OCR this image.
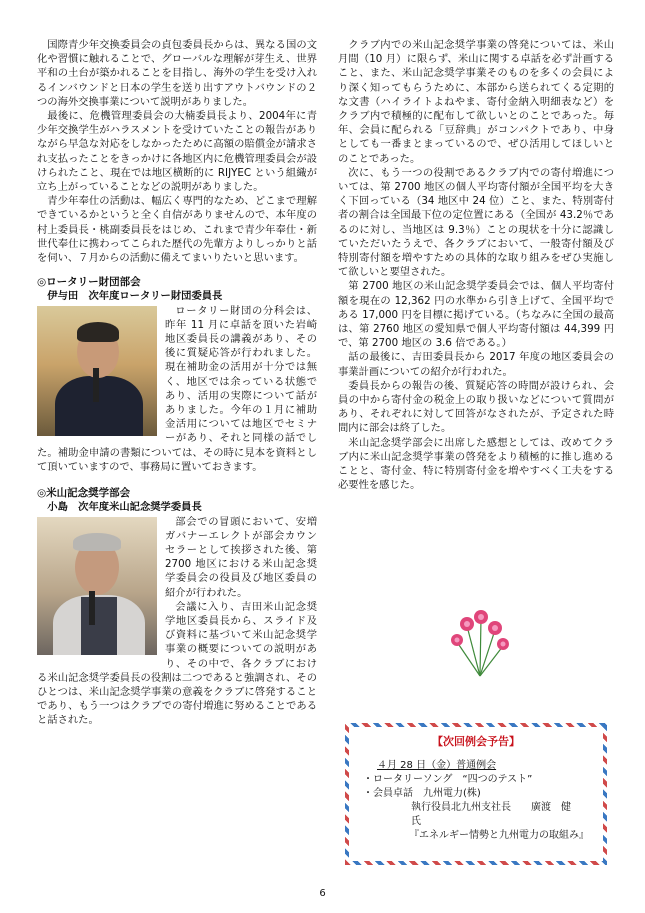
国際青少年交換委員会の貞包委員長からは、異なる国の文化や習慣に触れることで、グローバルな理解が芽生え、世界平和の土台が築かれることを目指し、海外の学生を受け入れるインバウンドと日本の学生を送り出すアウトバウンドの２つの海外交換事業について説明がありました。

最後に、危機管理委員会の大楠委員長より、2004年に青少年交換学生がハラスメントを受けていたことの報告がありながら早急な対応をしなかったために高額の賠償金が請求され支払ったことをきっかけに各地区内に危機管理委員会が設けられたこと、現在では地区横断的に RIJYEC という組織が立ち上がっていることなどの説明がありました。

青少年奉仕の活動は、幅広く専門的なため、どこまで理解できているかというと全く自信がありませんので、本年度の村上委員長・桃副委員長をはじめ、これまで青少年奉仕・新世代奉仕に携わってこられた歴代の先輩方よりしっかりと話を伺い、７月からの活動に備えてまいりたいと思います。

◎ロータリー財団部会

伊与田　次年度ロータリー財団委員長

ロータリー財団の分科会は、昨年 11 月に卓話を頂いた岩崎地区委員長の講義があり、その後に質疑応答が行われました。現在補助金の活用が十分では無く、地区では余っている状態であり、活用の実際について話がありました。今年の１月に補助金活用については地区でセミナーがあり、それと同様の話でした。補助金申請の書類については、その時に見本を資料として頂いていますので、事務局に置いておきます。

◎米山記念奨学部会

小島　次年度米山記念奨学委員長

部会での冒頭において、安増ガバナーエレクトが部会カウンセラーとして挨拶された後、第 2700 地区における米山記念奨学委員会の役員及び地区委員の紹介が行われた。

会議に入り、吉田米山記念奨学地区委員長から、スライド及び資料に基づいて米山記念奨学事業の概要についての説明があり、その中で、各クラブにおける米山記念奨学委員長の役割は二つであると強調され、そのひとつは、米山記念奨学事業の意義をクラブに啓発することであり、もう一つはクラブでの寄付増進に努めることであると話された。

クラブ内での米山記念奨学事業の啓発については、米山月間（10 月）に限らず、米山に関する卓話を必ず計画すること、また、米山記念奨学事業そのものを多くの会員により深く知ってもらうために、本部から送られてくる定期的な文書（ハイライトよねやま、寄付金納入明細表など）をクラブ内で積極的に配布して欲しいとのことであった。毎年、会員に配られる「豆辞典」がコンパクトであり、中身としても一番まとまっているので、ぜひ活用してほしいとのことであった。

次に、もう一つの役割であるクラブ内での寄付増進については、第 2700 地区の個人平均寄付額が全国平均を大きく下回っている（34 地区中 24 位）こと、また、特別寄付者の割合は全国最下位の定位置にある（全国が 43.2％であるのに対し、当地区は 9.3％）ことの現状を十分に認識していただいたうえで、各クラブにおいて、一般寄付額及び特別寄付額を増やすための具体的な取り組みをぜひ実施して欲しいと要望された。

第 2700 地区の米山記念奨学委員会では、個人平均寄付額を現在の 12,362 円の水準から引き上げて、全国平均である 17,000 円を目標に掲げている。（ちなみに全国の最高は、第 2760 地区の愛知県で個人平均寄付額は 44,399 円で、第 2700 地区の 3.6 倍である。）

話の最後に、吉田委員長から 2017 年度の地区委員会の事業計画についての紹介が行われた。

委員長からの報告の後、質疑応答の時間が設けられ、会員の中から寄付金の税金上の取り扱いなどについて質問があり、それぞれに対して回答がなされたが、予定された時間内に部会は終了した。

米山記念奨学部会に出席した感想としては、改めてクラブ内に米山記念奨学事業の啓発をより積極的に推し進めることと、寄付金、特に特別寄付金を増やすべく工夫をする必要性を感じた。

【次回例会予告】

４月 28 日（金）普通例会

・ロータリーソング　“四つのテスト”

・会員卓話　九州電力(株)

執行役員北九州支社長　　廣渡　健　氏

『エネルギー情勢と九州電力の取組み』

6
